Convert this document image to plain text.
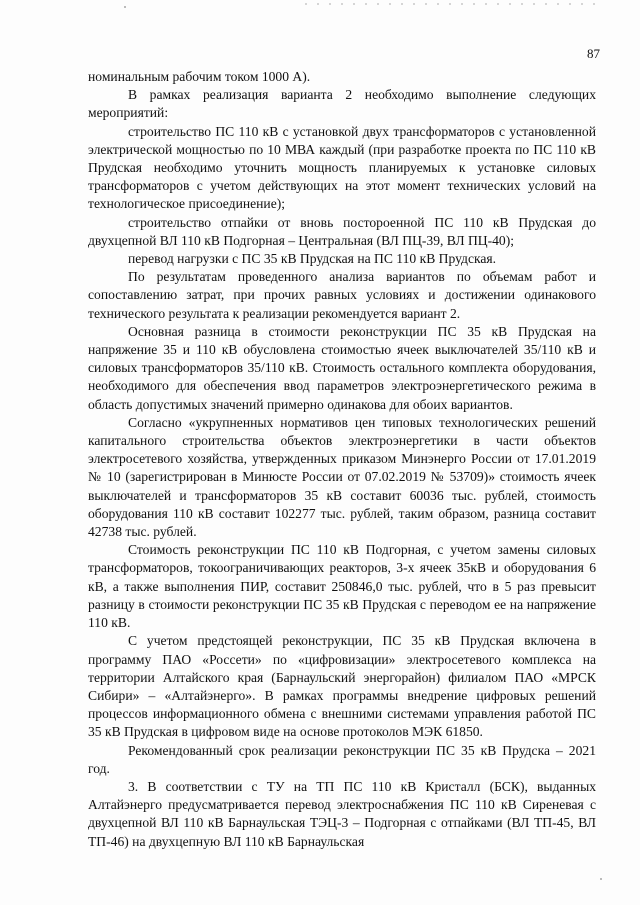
87

номинальным рабочим током 1000 А).

В рамках реализация варианта 2 необходимо выполнение следующих мероприятий:

строительство ПС 110 кВ с установкой двух трансформаторов с установленной электрической мощностью по 10 МВА каждый (при разработке проекта по ПС 110 кВ Прудская необходимо уточнить мощность планируемых к установке силовых трансформаторов с учетом действующих на этот момент технических условий на технологическое присоединение);

строительство отпайки от вновь постороенной ПС 110 кВ Прудская до двухцепной ВЛ 110 кВ Подгорная – Центральная (ВЛ ПЦ-39, ВЛ ПЦ-40);

перевод нагрузки с ПС 35 кВ Прудская на ПС 110 кВ Прудская.

По результатам проведенного анализа вариантов по объемам работ и сопоставлению затрат, при прочих равных условиях и достижении одинакового технического результата к реализации рекомендуется вариант 2.

Основная разница в стоимости реконструкции ПС 35 кВ Прудская на напряжение 35 и 110 кВ обусловлена стоимостью ячеек выключателей 35/110 кВ и силовых трансформаторов 35/110 кВ. Стоимость остального комплекта оборудования, необходимого для обеспечения ввод параметров электроэнергетического режима в область допустимых значений примерно одинакова для обоих вариантов.

Согласно «укрупненных нормативов цен типовых технологических решений капитального строительства объектов электроэнергетики в части объектов электросетевого хозяйства, утвержденных приказом Минэнерго России от 17.01.2019 № 10 (зарегистрирован в Минюсте России от 07.02.2019 № 53709)» стоимость ячеек выключателей и трансформаторов 35 кВ составит 60036 тыс. рублей, стоимость оборудования 110 кВ составит 102277 тыс. рублей, таким образом, разница составит 42738 тыс. рублей.

Стоимость реконструкции ПС 110 кВ Подгорная, с учетом замены силовых трансформаторов, токоограничивающих реакторов, 3-х ячеек 35кВ и оборудования 6 кВ, а также выполнения ПИР, составит 250846,0 тыс. рублей, что в 5 раз превысит разницу в стоимости реконструкции ПС 35 кВ Прудская с переводом ее на напряжение 110 кВ.

С учетом предстоящей реконструкции, ПС 35 кВ Прудская включена в программу ПАО «Россети» по «цифровизации» электросетевого комплекса на территории Алтайского края (Барнаульский энергорайон) филиалом ПАО «МРСК Сибири» – «Алтайэнерго». В рамках программы внедрение цифровых решений процессов информационного обмена с внешними системами управления работой ПС 35 кВ Прудская в цифровом виде на основе протоколов МЭК 61850.

Рекомендованный срок реализации реконструкции ПС 35 кВ Прудска – 2021 год.

3. В соответствии с ТУ на ТП ПС 110 кВ Кристалл (БСК), выданных Алтайэнерго предусматривается перевод электроснабжения ПС 110 кВ Сиреневая с двухцепной ВЛ 110 кВ Барнаульская ТЭЦ-3 – Подгорная с отпайками (ВЛ ТП-45, ВЛ ТП-46) на двухцепную ВЛ 110 кВ Барнаульская
